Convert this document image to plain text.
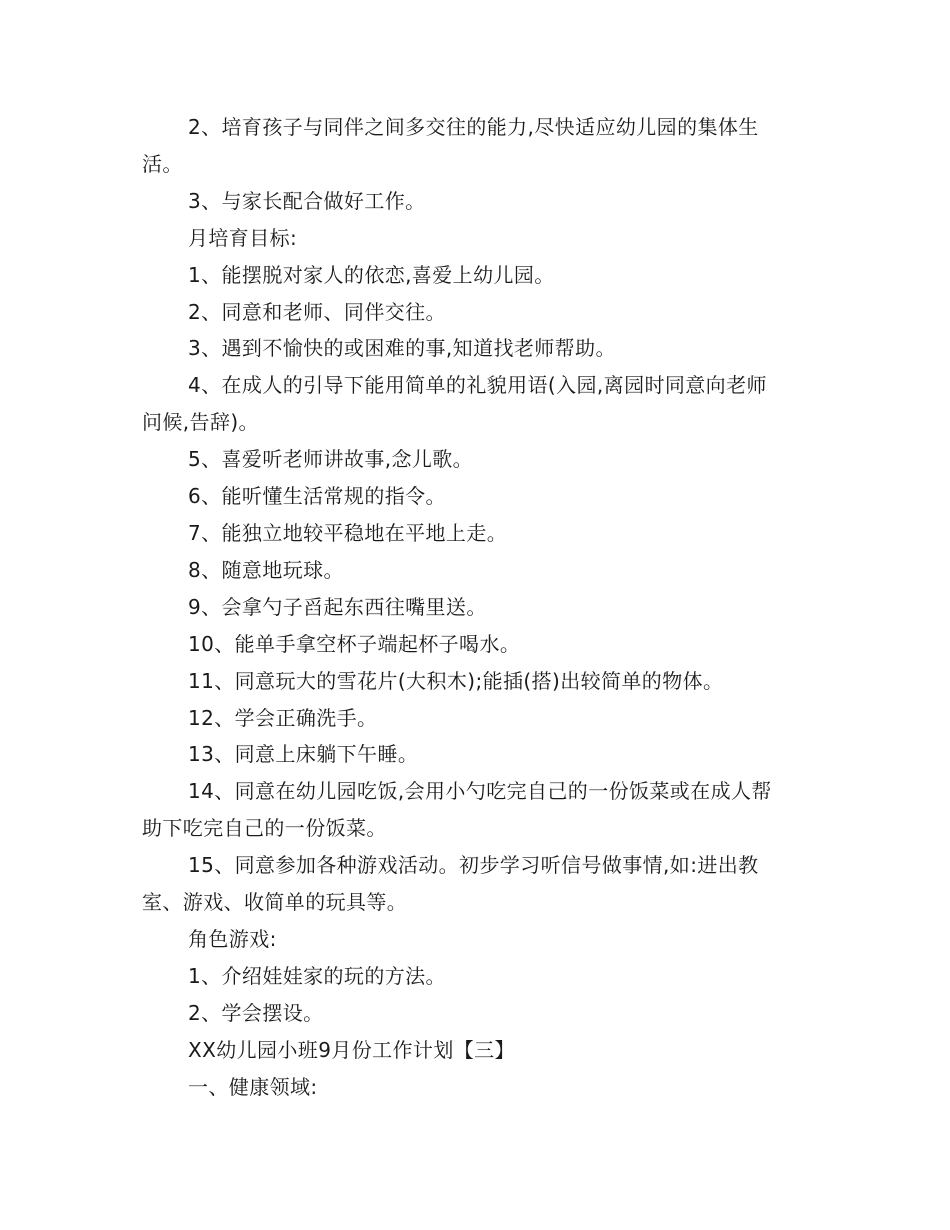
2、培育孩子与同伴之间多交往的能力,尽快适应幼儿园的集体生
活。
3、与家长配合做好工作。
月培育目标:
1、能摆脱对家人的依恋,喜爱上幼儿园。
2、同意和老师、同伴交往。
3、遇到不愉快的或困难的事,知道找老师帮助。
4、在成人的引导下能用简单的礼貌用语(入园,离园时同意向老师
问候,告辞)。
5、喜爱听老师讲故事,念儿歌。
6、能听懂生活常规的指令。
7、能独立地较平稳地在平地上走。
8、随意地玩球。
9、会拿勺子舀起东西往嘴里送。
10、能单手拿空杯子端起杯子喝水。
11、同意玩大的雪花片(大积木);能插(搭)出较简单的物体。
12、学会正确洗手。
13、同意上床躺下午睡。
14、同意在幼儿园吃饭,会用小勺吃完自己的一份饭菜或在成人帮
助下吃完自己的一份饭菜。
15、同意参加各种游戏活动。初步学习听信号做事情,如:进出教
室、游戏、收简单的玩具等。
角色游戏:
1、介绍娃娃家的玩的方法。
2、学会摆设。
XX幼儿园小班9月份工作计划【三】
一、健康领域:
